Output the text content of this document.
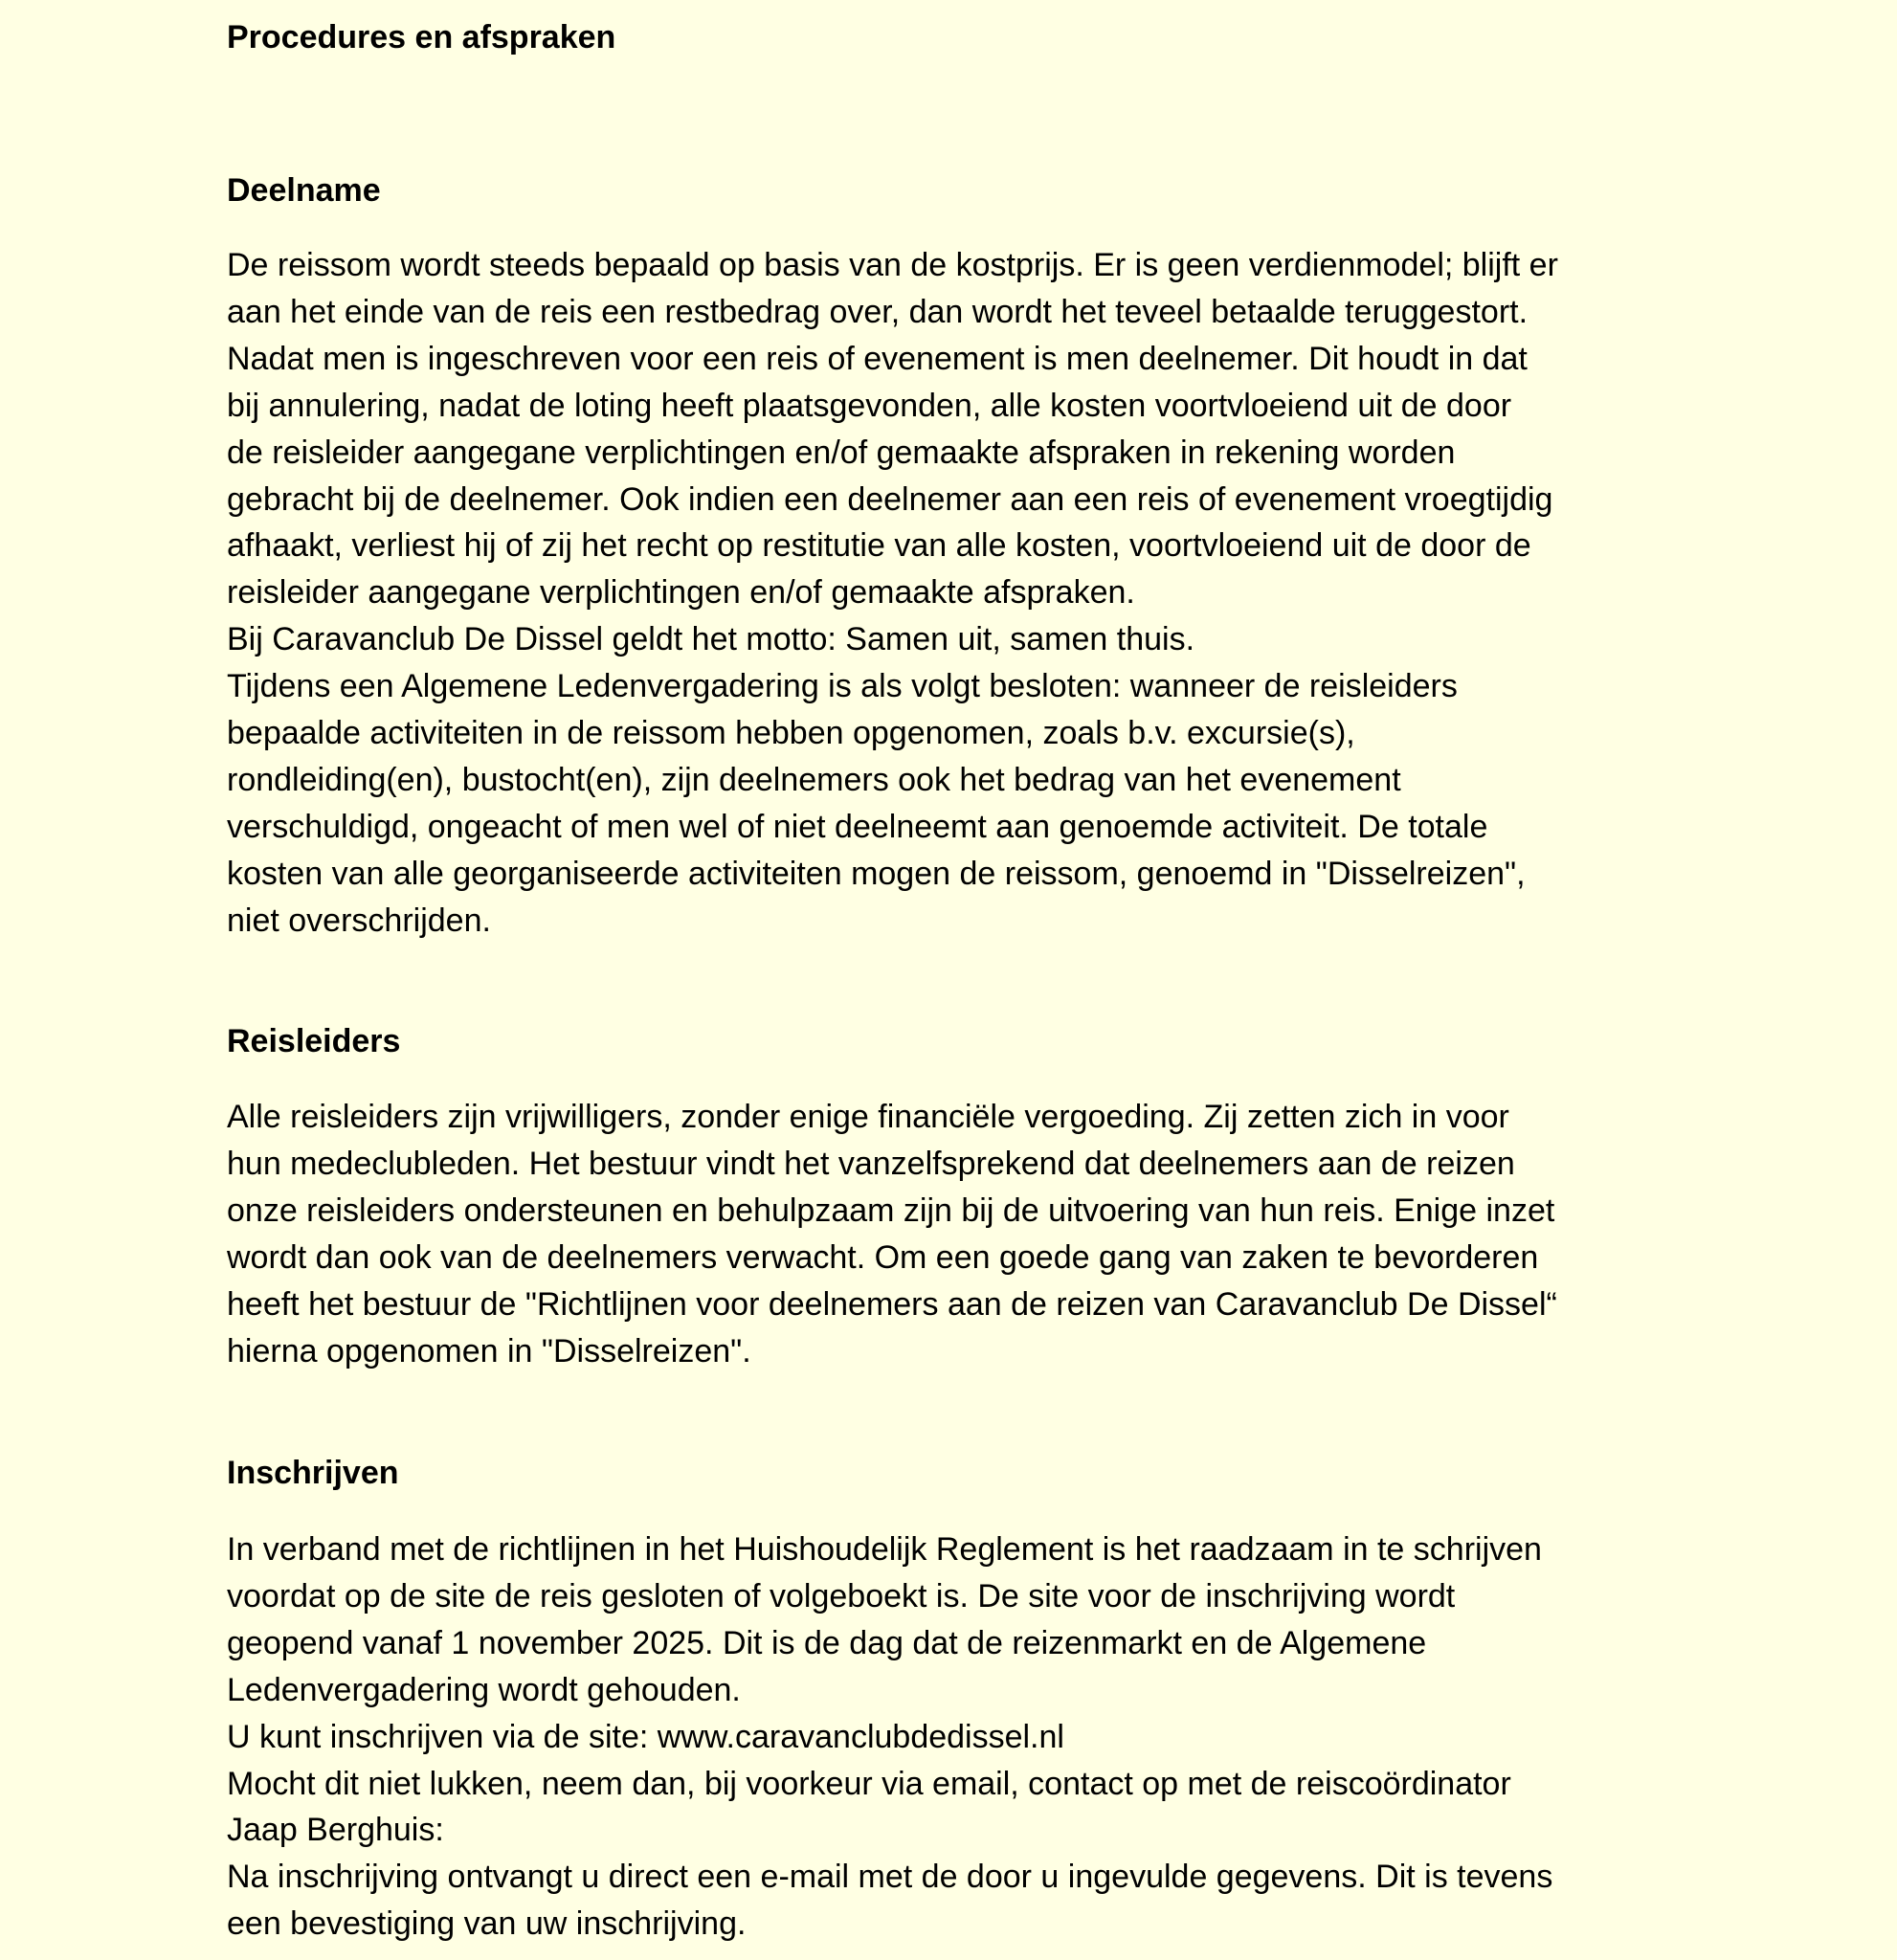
Procedures en afspraken
Deelname
De reissom wordt steeds bepaald op basis van de kostprijs. Er is geen verdienmodel; blijft er
aan het einde van de reis een restbedrag over, dan wordt het teveel betaalde teruggestort.
Nadat men is ingeschreven voor een reis of evenement is men deelnemer. Dit houdt in dat
bij annulering, nadat de loting heeft plaatsgevonden, alle kosten voortvloeiend uit de door
de reisleider aangegane verplichtingen en/of gemaakte afspraken in rekening worden
gebracht bij de deelnemer. Ook indien een deelnemer aan een reis of evenement vroegtijdig
afhaakt, verliest hij of zij het recht op restitutie van alle kosten, voortvloeiend uit de door de
reisleider aangegane verplichtingen en/of gemaakte afspraken.
Bij Caravanclub De Dissel geldt het motto: Samen uit, samen thuis.
Tijdens een Algemene Ledenvergadering is als volgt besloten: wanneer de reisleiders
bepaalde activiteiten in de reissom hebben opgenomen, zoals b.v. excursie(s),
rondleiding(en), bustocht(en), zijn deelnemers ook het bedrag van het evenement
verschuldigd, ongeacht of men wel of niet deelneemt aan genoemde activiteit. De totale
kosten van alle georganiseerde activiteiten mogen de reissom, genoemd in "Disselreizen",
niet overschrijden.
Reisleiders
Alle reisleiders zijn vrijwilligers, zonder enige financiële vergoeding. Zij zetten zich in voor
hun medeclubleden. Het bestuur vindt het vanzelfsprekend dat deelnemers aan de reizen
onze reisleiders ondersteunen en behulpzaam zijn bij de uitvoering van hun reis. Enige inzet
wordt dan ook van de deelnemers verwacht. Om een goede gang van zaken te bevorderen
heeft het bestuur de "Richtlijnen voor deelnemers aan de reizen van Caravanclub De Dissel“
hierna opgenomen in "Disselreizen".
Inschrijven
In verband met de richtlijnen in het Huishoudelijk Reglement is het raadzaam in te schrijven
voordat op de site de reis gesloten of volgeboekt is. De site voor de inschrijving wordt
geopend vanaf 1 november 2025. Dit is de dag dat de reizenmarkt en de Algemene
Ledenvergadering wordt gehouden.
U kunt inschrijven via de site: www.caravanclubdedissel.nl
Mocht dit niet lukken, neem dan, bij voorkeur via email, contact op met de reiscoördinator
Jaap Berghuis:
Na inschrijving ontvangt u direct een e-mail met de door u ingevulde gegevens. Dit is tevens
een bevestiging van uw inschrijving.
